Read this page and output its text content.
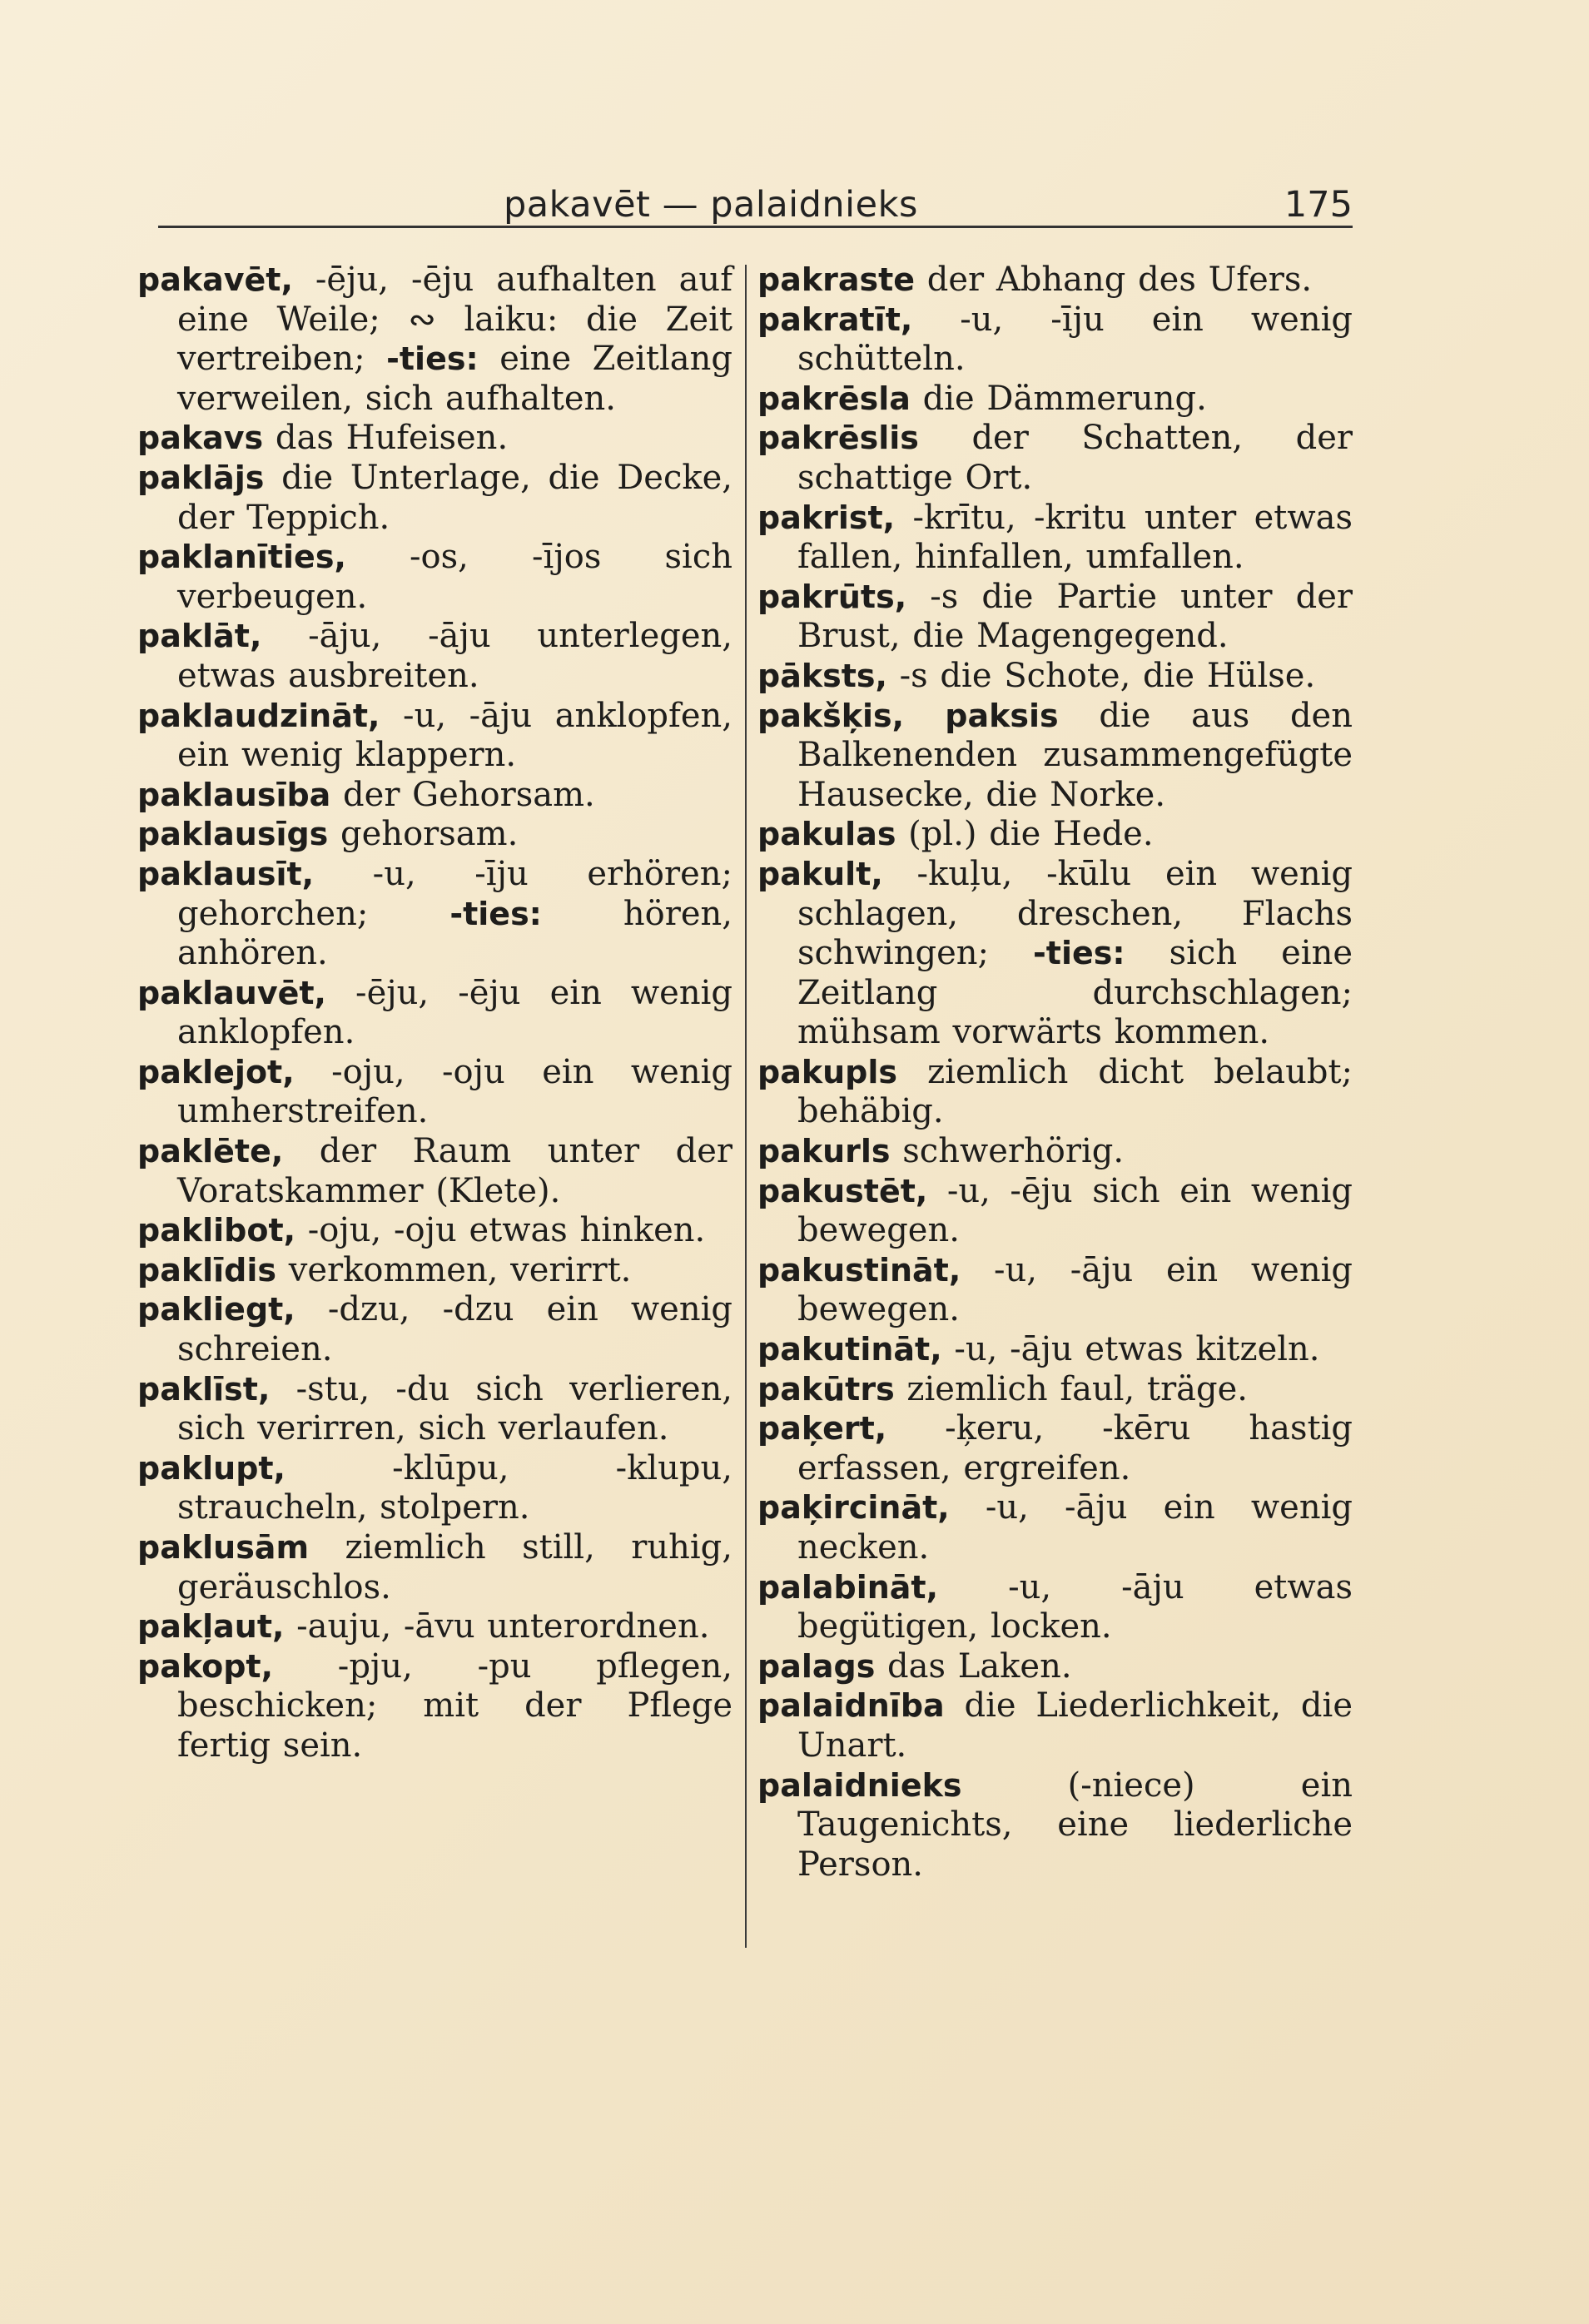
pakavēt — palaidnieks	175
pakavēt, -ēju, -ēju aufhalten auf eine Weile; ∾ laiku: die Zeit vertreiben; -ties: eine Zeitlang verweilen, sich aufhalten.
pakavs das Hufeisen.
paklājs die Unterlage, die Decke, der Teppich.
paklanīties, -os, -ījos sich verbeugen.
paklāt, -āju, -āju unterlegen, etwas ausbreiten.
paklaudzināt, -u, -āju anklopfen, ein wenig klappern.
paklausība der Gehorsam.
paklausīgs gehorsam.
paklausīt, -u, -īju erhören; gehorchen; -ties: hören, anhören.
paklauvēt, -ēju, -ēju ein wenig anklopfen.
paklejot, -oju, -oju ein wenig umherstreifen.
paklēte, der Raum unter der Voratskammer (Klete).
paklibot, -oju, -oju etwas hinken.
paklīdis verkommen, verirrt.
pakliegt, -dzu, -dzu ein wenig schreien.
paklīst, -stu, -du sich verlieren, sich verirren, sich verlaufen.
paklupt, -klūpu, -klupu, straucheln, stolpern.
paklusām ziemlich still, ruhig, geräuschlos.
pakļaut, -auju, -āvu unterordnen.
pakopt, -pju, -pu pflegen, beschicken; mit der Pflege fertig sein.
pakraste der Abhang des Ufers.
pakratīt, -u, -īju ein wenig schütteln.
pakrēsla die Dämmerung.
pakrēslis der Schatten, der schattige Ort.
pakrist, -krītu, -kritu unter etwas fallen, hinfallen, umfallen.
pakrūts, -s die Partie unter der Brust, die Magengegend.
pāksts, -s die Schote, die Hülse.
pakšķis, paksis die aus den Balkenenden zusammengefügte Hausecke, die Norke.
pakulas (pl.) die Hede.
pakult, -kuļu, -kūlu ein wenig schlagen, dreschen, Flachs schwingen; -ties: sich eine Zeitlang durchschlagen; mühsam vorwärts kommen.
pakupls ziemlich dicht belaubt; behäbig.
pakurls schwerhörig.
pakustēt, -u, -ēju sich ein wenig bewegen.
pakustināt, -u, -āju ein wenig bewegen.
pakutināt, -u, -āju etwas kitzeln.
pakūtrs ziemlich faul, träge.
paķert, -ķeru, -kēru hastig erfassen, ergreifen.
paķircināt, -u, -āju ein wenig necken.
palabināt, -u, -āju etwas begütigen, locken.
palags das Laken.
palaidnība die Liederlichkeit, die Unart.
palaidnieks (-niece) ein Taugenichts, eine liederliche Person.
